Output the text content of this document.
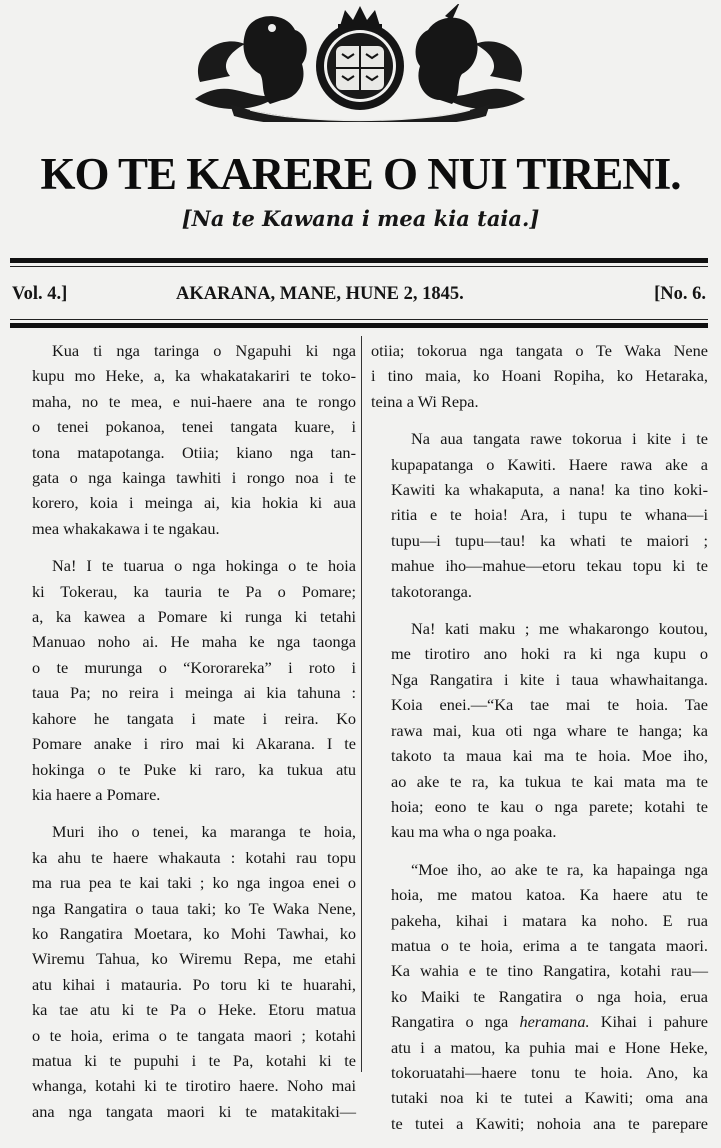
KO TE KARERE O NUI TIRENI.
[Na te Kawana i mea kia taia.]
Vol. 4.]	AKARANA, MANE, HUNE 2, 1845.	[No. 6.

Kua ti nga taringa o Ngapuhi ki nga
kupu mo Heke, a, ka whakatakariri te toko-
maha, no te mea, e nui-haere ana te rongo
o tenei pokanoa, tenei tangata kuare, i
tona matapotanga. Otiia; kiano nga tan-
gata o nga kainga tawhiti i rongo noa i te
korero, koia i meinga ai, kia hokia ki aua
mea whakakawa i te ngakau.

Na! I te tuarua o nga hokinga o te hoia
ki Tokerau, ka tauria te Pa o Pomare;
a, ka kawea a Pomare ki runga ki tetahi
Manuao noho ai. He maha ke nga taonga
o te murunga o “Kororareka” i roto i
taua Pa; no reira i meinga ai kia tahuna :
kahore he tangata i mate i reira. Ko
Pomare anake i riro mai ki Akarana. I te
hokinga o te Puke ki raro, ka tukua atu
kia haere a Pomare.

Muri iho o tenei, ka maranga te hoia,
ka ahu te haere whakauta : kotahi rau topu
ma rua pea te kai taki ; ko nga ingoa enei o
nga Rangatira o taua taki; ko Te Waka Nene,
ko Rangatira Moetara, ko Mohi Tawhai, ko
Wiremu Tahua, ko Wiremu Repa, me etahi
atu kihai i matauria. Po toru ki te huarahi,
ka tae atu ki te Pa o Heke. Etoru matua
o te hoia, erima o te tangata maori ; kotahi
matua ki te pupuhi i te Pa, kotahi ki te
whanga, kotahi ki te tirotiro haere. Noho mai
ana nga tangata maori ki te matakitaki—

otiia; tokorua nga tangata o Te Waka Nene
i tino maia, ko Hoani Ropiha, ko Hetaraka,
teina a Wi Repa.

Na aua tangata rawe tokorua i kite i te
kupapatanga o Kawiti. Haere rawa ake a
Kawiti ka whakaputa, a nana! ka tino koki-
ritia e te hoia! Ara, i tupu te whana—i
tupu—i tupu—tau! ka whati te maiori ;
mahue iho—mahue—etoru tekau topu ki te
takotoranga.

Na! kati maku ; me whakarongo koutou,
me tirotiro ano hoki ra ki nga kupu o
Nga Rangatira i kite i taua whawhaitanga.
Koia enei.—“Ka tae mai te hoia. Tae
rawa mai, kua oti nga whare te hanga; ka
takoto ta maua kai ma te hoia. Moe iho,
ao ake te ra, ka tukua te kai mata ma te
hoia; eono te kau o nga parete; kotahi te
kau ma wha o nga poaka.

“Moe iho, ao ake te ra, ka hapainga nga
hoia, me matou katoa. Ka haere atu te
pakeha, kihai i matara ka noho. E rua
matua o te hoia, erima a te tangata maori.
Ka wahia e te tino Rangatira, kotahi rau—
ko Maiki te Rangatira o nga hoia, erua
Rangatira o nga heramana. Kihai i pahure
atu i a matou, ka puhia mai e Hone Heke,
tokoruatahi—haere tonu te hoia. Ano, ka
tutaki noa ki te tutei a Kawiti; oma ana
te tutei a Kawiti; nohoia ana te parepare
